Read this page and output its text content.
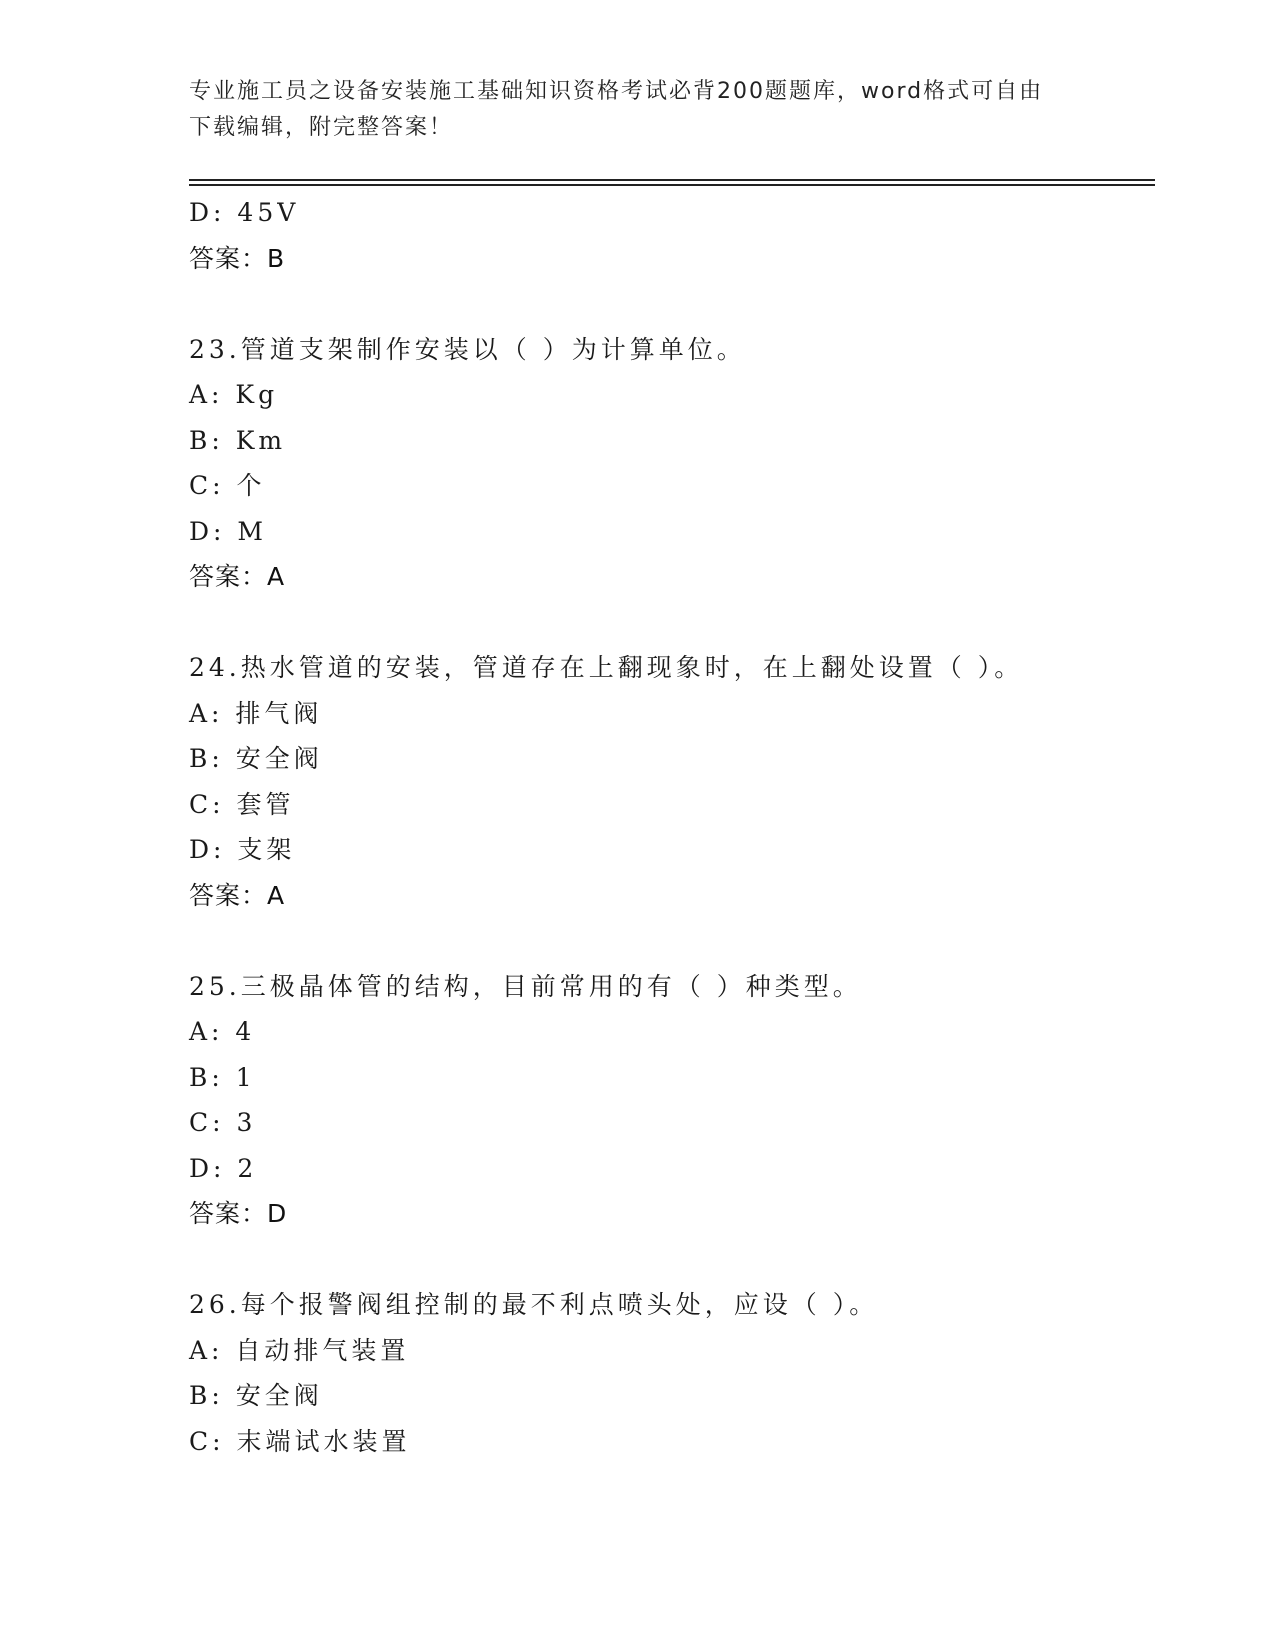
专业施工员之设备安装施工基础知识资格考试必背200题题库，word格式可自由
下载编辑，附完整答案！
D: 45V
答案：B
23.管道支架制作安装以（ ）为计算单位。
A: Kg
B: Km
C: 个
D: M
答案：A
24.热水管道的安装，管道存在上翻现象时，在上翻处设置（ ）。
A: 排气阀
B: 安全阀
C: 套管
D: 支架
答案：A
25.三极晶体管的结构，目前常用的有（ ）种类型。
A: 4
B: 1
C: 3
D: 2
答案：D
26.每个报警阀组控制的最不利点喷头处，应设（ ）。
A: 自动排气装置
B: 安全阀
C: 末端试水装置
